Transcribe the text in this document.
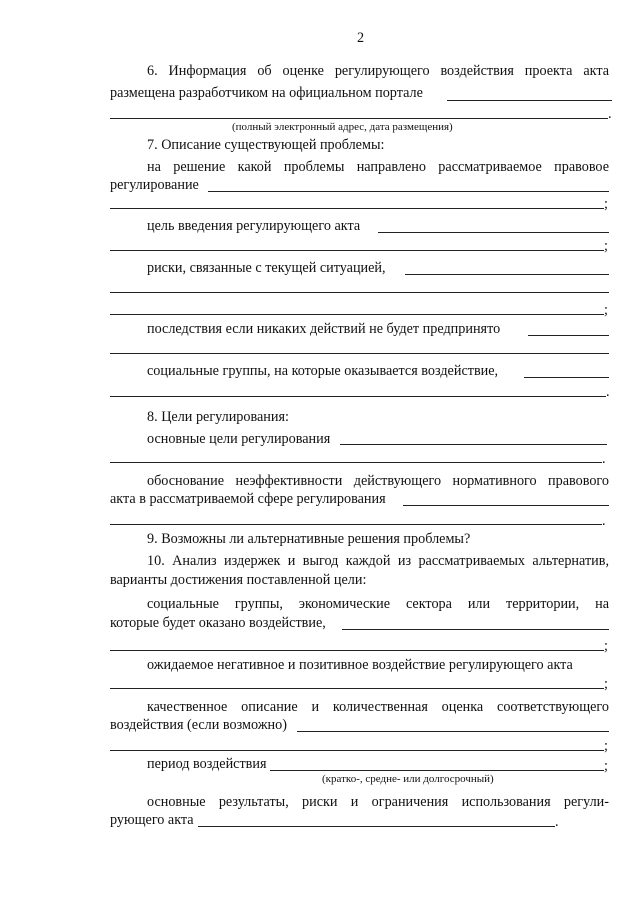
2
6. Информация об оценке регулирующего воздействия проекта акта
размещена разработчиком на официальном портале
.
(полный электронный адрес, дата размещения)
7. Описание существующей проблемы:
на решение какой проблемы направлено рассматриваемое правовое
регулирование
;
цель введения регулирующего акта
;
риски, связанные с текущей ситуацией,
;
последствия если никаких действий не будет предпринято
социальные группы, на которые оказывается воздействие,
.
8. Цели регулирования:
основные цели регулирования
.
обоснование неэффективности действующего нормативного правового
акта в рассматриваемой сфере регулирования
.
9. Возможны ли альтернативные решения проблемы?
10. Анализ издержек и выгод каждой из рассматриваемых альтернатив,
варианты достижения поставленной цели:
социальные группы, экономические сектора или территории, на
которые будет оказано воздействие,
;
ожидаемое негативное и позитивное воздействие регулирующего акта
;
качественное описание и количественная оценка соответствующего
воздействия (если возможно)
;
период воздействия	;
(кратко-, средне- или долгосрочный)
основные результаты, риски и ограничения использования регули-
рующего акта	.
